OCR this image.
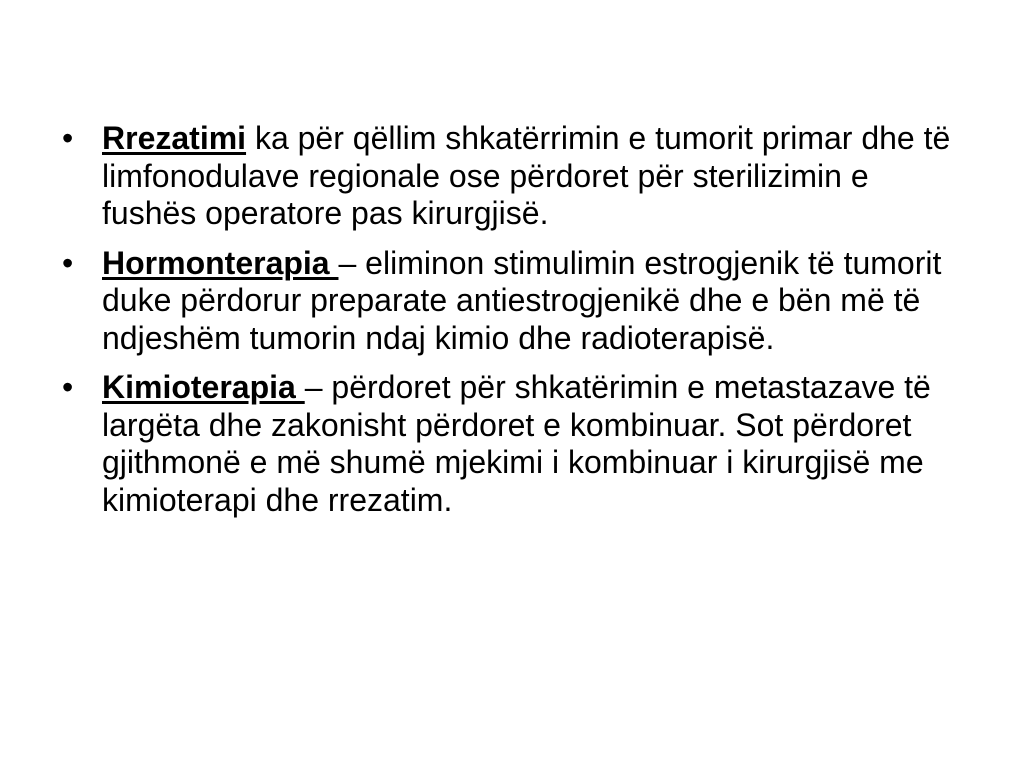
• Rrezatimi ka për qëllim shkatërrimin e tumorit primar dhe të limfonodulave regionale ose përdoret për sterilizimin e fushës operatore pas kirurgjisë.
• Hormonterapia – eliminon stimulimin estrogjenik të tumorit duke përdorur preparate antiestrogjenikë dhe e bën më të ndjeshëm tumorin ndaj kimio dhe radioterapisë.
• Kimioterapia – përdoret për shkatërimin e metastazave të largëta dhe zakonisht përdoret e kombinuar. Sot përdoret gjithmonë e më shumë mjekimi i kombinuar i kirurgjisë me kimioterapi dhe rrezatim.
